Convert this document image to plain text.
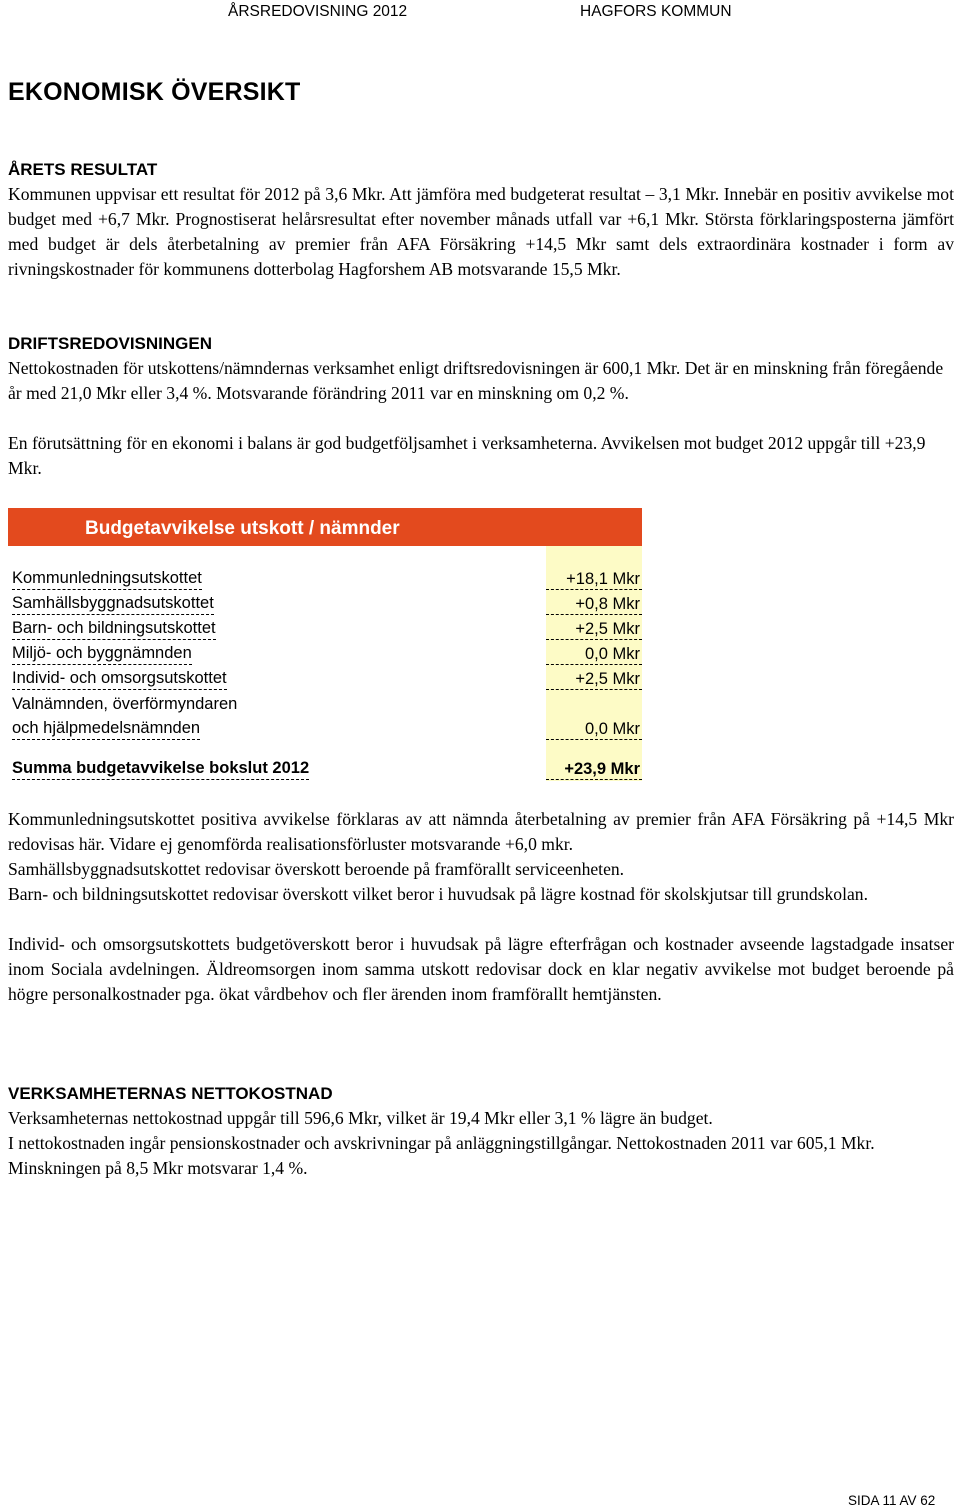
ÅRSREDOVISNING 2012	HAGFORS KOMMUN
EKONOMISK ÖVERSIKT
ÅRETS RESULTAT

Kommunen uppvisar ett resultat för 2012 på 3,6 Mkr. Att jämföra med budgeterat resultat – 3,1 Mkr. Innebär en positiv avvikelse mot budget med +6,7 Mkr. Prognostiserat helårsresultat efter november månads utfall var +6,1 Mkr. Största förklaringsposterna jämfört med budget är dels återbetalning av premier från AFA Försäkring +14,5 Mkr samt dels extraordinära kostnader i form av rivningskostnader för kommunens dotterbolag Hagforshem AB motsvarande 15,5 Mkr.

DRIFTSREDOVISNINGEN

Nettokostnaden för utskottens/nämndernas verksamhet enligt driftsredovisningen är 600,1 Mkr. Det är en minskning från föregående år med 21,0 Mkr eller 3,4 %. Motsvarande förändring 2011 var en minskning om 0,2 %.

En förutsättning för en ekonomi i balans är god budgetföljsamhet i verksamheterna. Avvikelsen mot budget 2012 uppgår till +23,9 Mkr.

Budgetavvikelse utskott / nämnder
Kommunledningsutskottet	+18,1 Mkr
Samhällsbyggnadsutskottet	+0,8 Mkr
Barn- och bildningsutskottet	+2,5 Mkr
Miljö- och byggnämnden	0,0 Mkr
Individ- och omsorgsutskottet	+2,5 Mkr
Valnämnden, överförmyndaren
och hjälpmedelsnämnden	0,0 Mkr
Summa budgetavvikelse bokslut 2012	+23,9 Mkr

Kommunledningsutskottet positiva avvikelse förklaras av att nämnda återbetalning av premier från AFA Försäkring på +14,5 Mkr redovisas här. Vidare ej genomförda realisationsförluster motsvarande +6,0 mkr.

Samhällsbyggnadsutskottet redovisar överskott beroende på framförallt serviceenheten.

Barn- och bildningsutskottet redovisar överskott vilket beror i huvudsak på lägre kostnad för skolskjutsar till grundskolan.

Individ- och omsorgsutskottets budgetöverskott beror i huvudsak på lägre efterfrågan och kostnader avseende lagstadgade insatser inom Sociala avdelningen. Äldreomsorgen inom samma utskott redovisar dock en klar negativ avvikelse mot budget beroende på högre personalkostnader pga. ökat vårdbehov och fler ärenden inom framförallt hemtjänsten.

VERKSAMHETERNAS NETTOKOSTNAD

Verksamheternas nettokostnad uppgår till 596,6 Mkr, vilket är 19,4 Mkr eller 3,1 % lägre än budget.

I nettokostnaden ingår pensionskostnader och avskrivningar på anläggningstillgångar. Nettokostnaden 2011 var 605,1 Mkr. Minskningen på 8,5 Mkr motsvarar 1,4 %.

SIDA 11 AV 62
